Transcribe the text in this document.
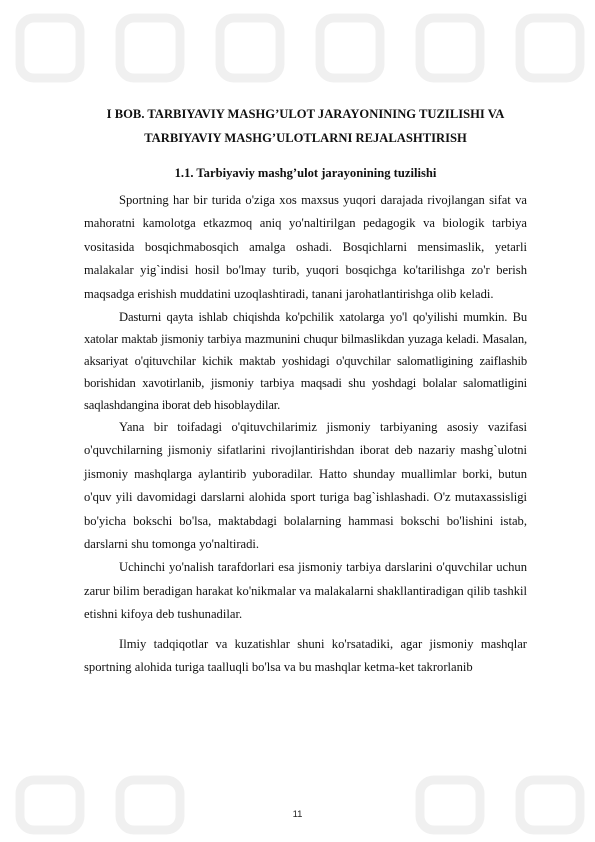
I BOB. TARBIYAVIY MASHG’ULOT JARAYONINING TUZILISHI VA TARBIYAVIY MASHG’ULOTLARNI REJALASHTIRISH
1.1. Tarbiyaviy mashg’ulot jarayonining tuzilishi

Sportning har bir turida o'ziga xos maxsus yuqori darajada rivojlangan sifat va mahoratni kamolotga etkazmoq aniq yo'naltirilgan pedagogik va biologik tarbiya vositasida bosqichmabosqich amalga oshadi. Bosqichlarni mensimaslik, yetarli malakalar yig`indisi hosil bo'lmay turib, yuqori bosqichga ko'tarilishga zo'r berish maqsadga erishish muddatini uzoqlashtiradi, tanani jarohatlantirishga olib keladi.

Dasturni qayta ishlab chiqishda ko'pchilik xatolarga yo'l qo'yilishi mumkin. Bu xatolar maktab jismoniy tarbiya mazmunini chuqur bilmaslikdan yuzaga keladi. Masalan, aksariyat o'qituvchilar kichik maktab yoshidagi o'quvchilar salomatligining zaiflashib borishidan xavotirlanib, jismoniy tarbiya maqsadi shu yoshdagi bolalar salomatligini saqlashdangina iborat deb hisoblaydilar.

Yana bir toifadagi o'qituvchilarimiz jismoniy tarbiyaning asosiy vazifasi o'quvchilarning jismoniy sifatlarini rivojlantirishdan iborat deb nazariy mashg`ulotni jismoniy mashqlarga aylantirib yuboradilar. Hatto shunday muallimlar borki, butun o'quv yili davomidagi darslarni alohida sport turiga bag`ishlashadi. O'z mutaxassisligi bo'yicha bokschi bo'lsa, maktabdagi bolalarning hammasi bokschi bo'lishini istab, darslarni shu tomonga yo'naltiradi.

Uchinchi yo'nalish tarafdorlari esa jismoniy tarbiya darslarini o'quvchilar uchun zarur bilim beradigan harakat ko'nikmalar va malakalarni shakllantiradigan qilib tashkil etishni kifoya deb tushunadilar.

Ilmiy tadqiqotlar va kuzatishlar shuni ko'rsatadiki, agar jismoniy mashqlar sportning alohida turiga taalluqli bo'lsa va bu mashqlar ketma-ket takrorlanib

11
